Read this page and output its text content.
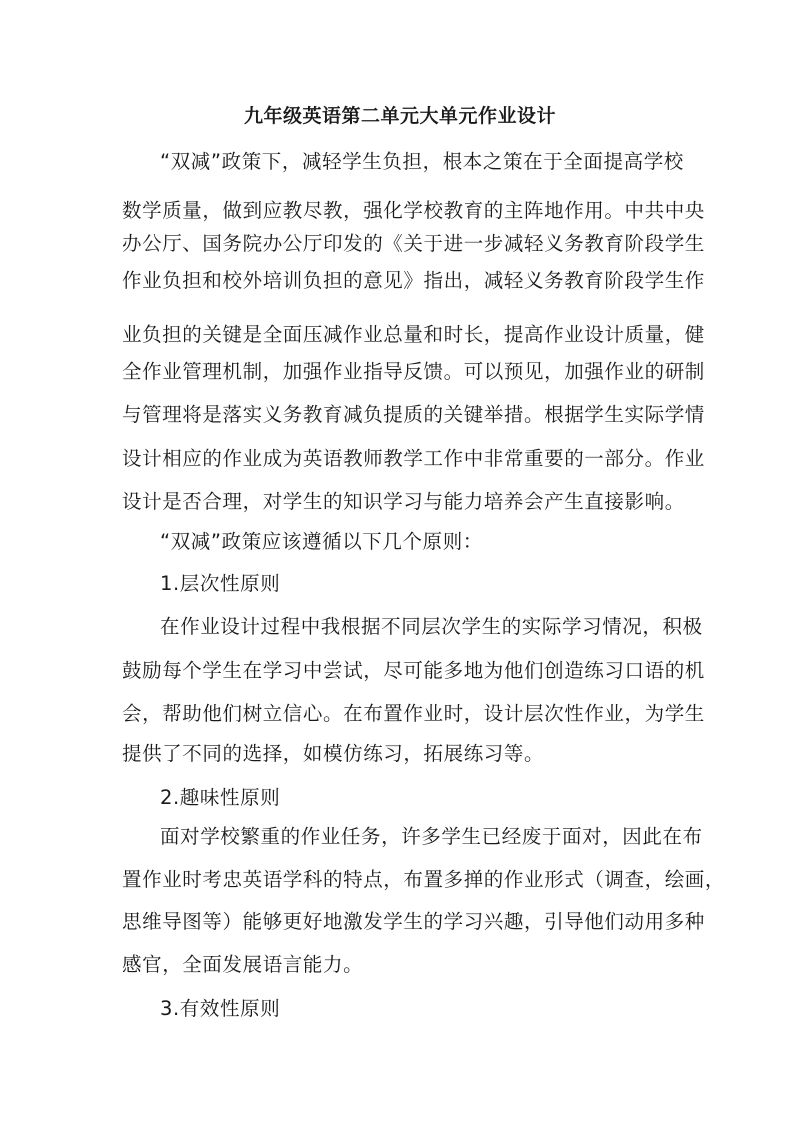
九年级英语第二单元大单元作业设计
“双减”政策下，减轻学生负担，根本之策在于全面提高学校
数学质量，做到应教尽教，强化学校教育的主阵地作用。中共中央
办公厅、国务院办公厅印发的《关于进一步减轻义务教育阶段学生
作业负担和校外培训负担的意见》指出，减轻义务教育阶段学生作
业负担的关键是全面压减作业总量和时长，提高作业设计质量，健
全作业管理机制，加强作业指导反馈。可以预见，加强作业的研制
与管理将是落实义务教育减负提质的关键举措。根据学生实际学情
设计相应的作业成为英语教师教学工作中非常重要的一部分。作业
设计是否合理，对学生的知识学习与能力培养会产生直接影响。
“双减”政策应该遵循以下几个原则：
1.层次性原则
在作业设计过程中我根据不同层次学生的实际学习情况，积极
鼓励每个学生在学习中尝试，尽可能多地为他们创造练习口语的机
会，帮助他们树立信心。在布置作业时，设计层次性作业，为学生
提供了不同的选择，如模仿练习，拓展练习等。
2.趣味性原则
面对学校繁重的作业任务，许多学生已经废于面对，因此在布
置作业时考忠英语学科的特点，布置多掸的作业形式（调查，绘画，
思维导图等）能够更好地激发学生的学习兴趣，引导他们动用多种
感官，全面发展语言能力。
3.有效性原则
